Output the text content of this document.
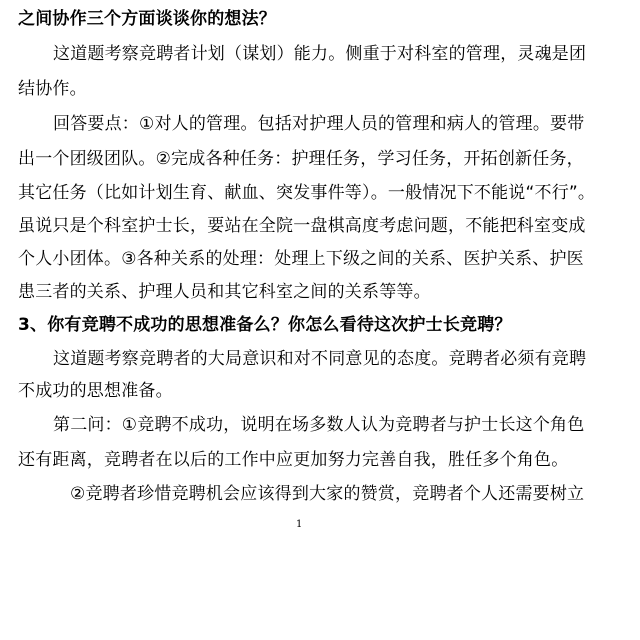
之间协作三个方面谈谈你的想法？
这道题考察竞聘者计划（谋划）能力。侧重于对科室的管理，灵魂是团
结协作。
回答要点：①对人的管理。包括对护理人员的管理和病人的管理。要带
出一个团级团队。②完成各种任务：护理任务，学习任务，开拓创新任务，
其它任务（比如计划生育、献血、突发事件等）。一般情况下不能说“不行”。
虽说只是个科室护士长，要站在全院一盘棋高度考虑问题，不能把科室变成
个人小团体。③各种关系的处理：处理上下级之间的关系、医护关系、护医
患三者的关系、护理人员和其它科室之间的关系等等。
3、你有竞聘不成功的思想准备么？你怎么看待这次护士长竞聘？
这道题考察竞聘者的大局意识和对不同意见的态度。竞聘者必须有竞聘
不成功的思想准备。
第二问：①竞聘不成功，说明在场多数人认为竞聘者与护士长这个角色
还有距离，竞聘者在以后的工作中应更加努力完善自我，胜任多个角色。
②竞聘者珍惜竞聘机会应该得到大家的赞赏，竞聘者个人还需要树立
1
